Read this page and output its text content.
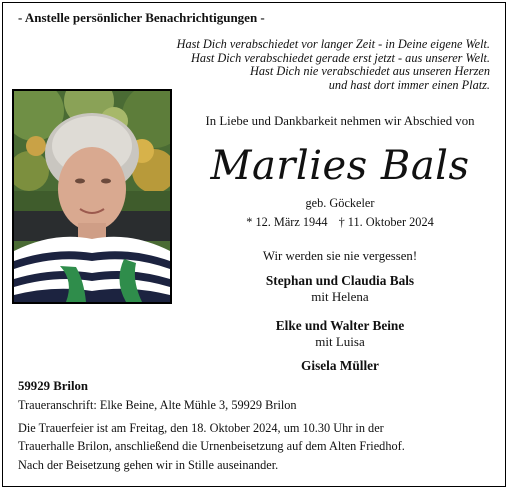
- Anstelle persönlicher Benachrichtigungen -
Hast Dich verabschiedet vor langer Zeit - in Deine eigene Welt.
Hast Dich verabschiedet gerade erst jetzt - aus unserer Welt.
Hast Dich nie verabschiedet aus unseren Herzen
und hast dort immer einen Platz.
In Liebe und Dankbarkeit nehmen wir Abschied von
Marlies Bals
geb. Göckeler
* 12. März 1944 † 11. Oktober 2024
Wir werden sie nie vergessen!
Stephan und Claudia Bals
mit Helena
Elke und Walter Beine
mit Luisa
Gisela Müller
59929 Brilon
Traueranschrift: Elke Beine, Alte Mühle 3, 59929 Brilon
Die Trauerfeier ist am Freitag, den 18. Oktober 2024, um 10.30 Uhr in der
Trauerhalle Brilon, anschließend die Urnenbeisetzung auf dem Alten Friedhof.
Nach der Beisetzung gehen wir in Stille auseinander.
